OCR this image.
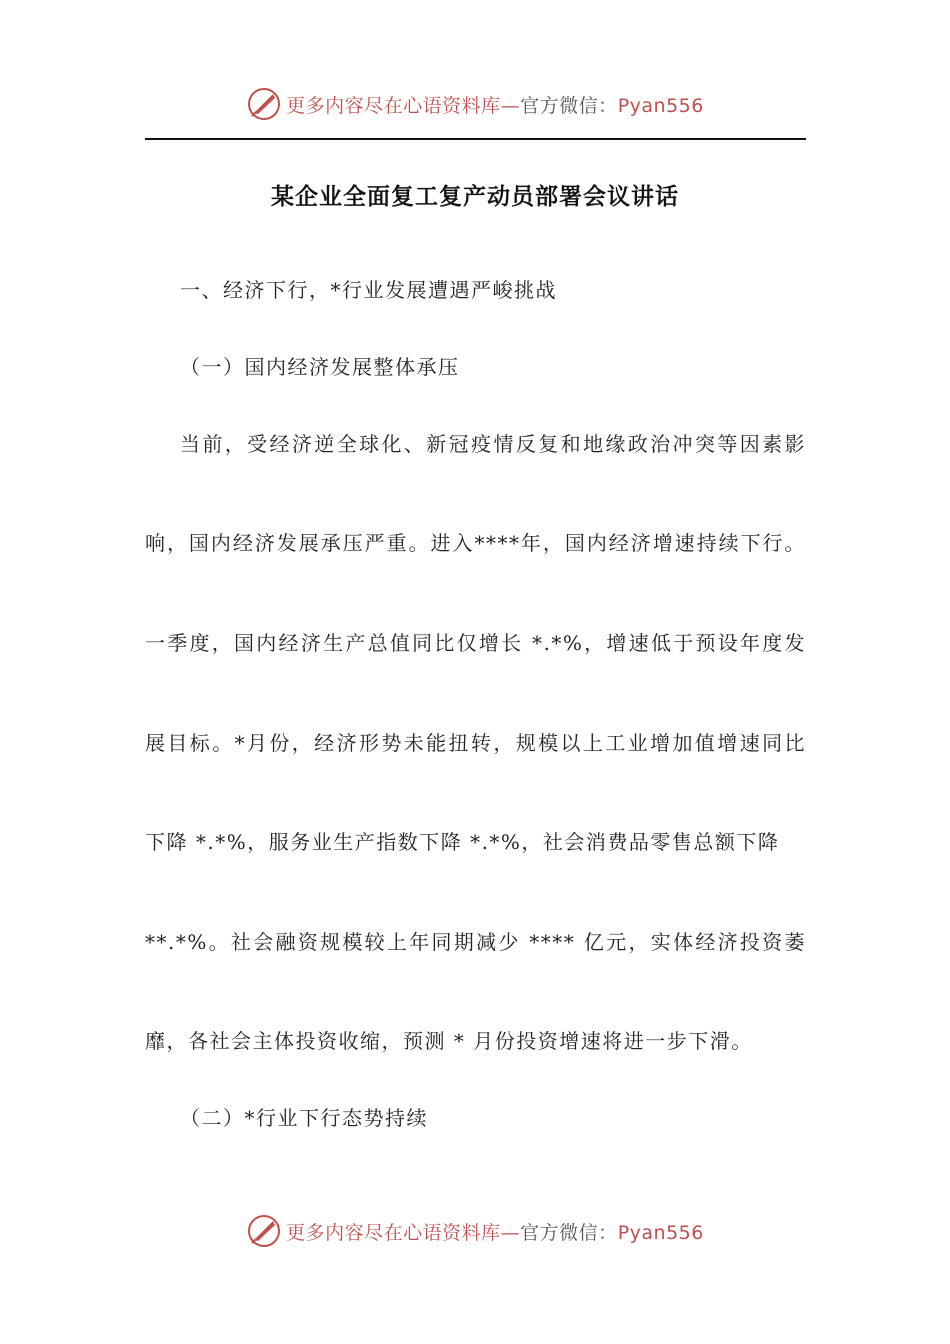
更多内容尽在心语资料库—官方微信：Pyan556
某企业全面复工复产动员部署会议讲话
一、经济下行，*行业发展遭遇严峻挑战
（一）国内经济发展整体承压
当前，受经济逆全球化、新冠疫情反复和地缘政治冲突等因素影
响，国内经济发展承压严重。进入****年，国内经济增速持续下行。
一季度，国内经济生产总值同比仅增长 *.*%，增速低于预设年度发
展目标。*月份，经济形势未能扭转，规模以上工业增加值增速同比
下降 *.*%，服务业生产指数下降 *.*%，社会消费品零售总额下降
**.*%。社会融资规模较上年同期减少 **** 亿元，实体经济投资萎
靡，各社会主体投资收缩，预测 * 月份投资增速将进一步下滑。
（二）*行业下行态势持续
更多内容尽在心语资料库—官方微信：Pyan556
